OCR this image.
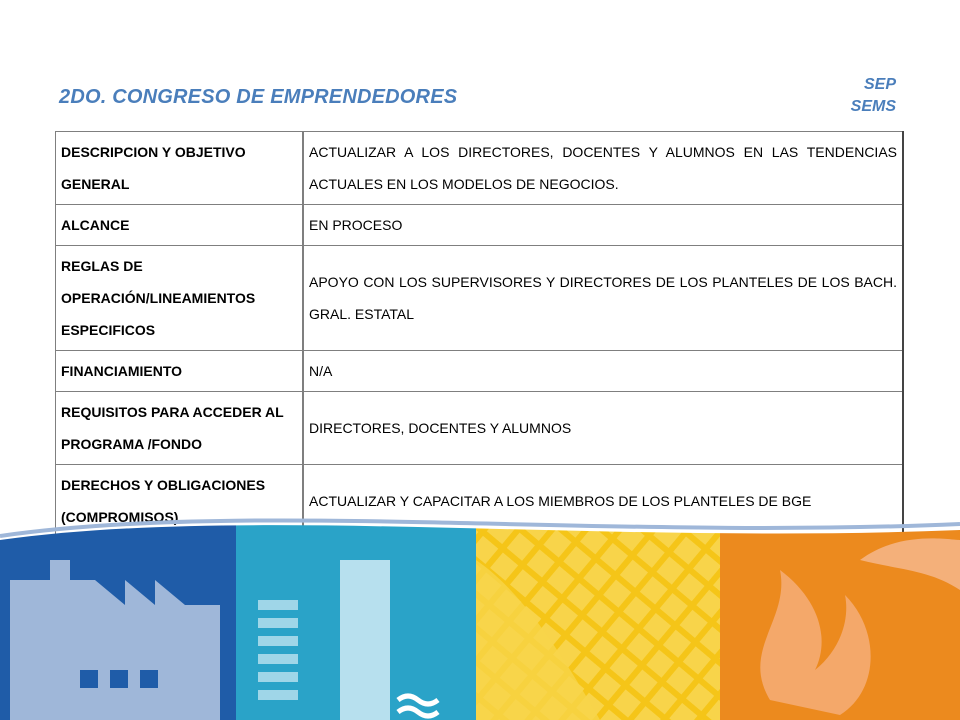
2DO. CONGRESO DE EMPRENDEDORES
SEP
SEMS
DESCRIPCION Y OBJETIVO GENERAL	ACTUALIZAR A LOS DIRECTORES, DOCENTES Y ALUMNOS EN LAS TENDENCIAS ACTUALES EN LOS MODELOS DE NEGOCIOS.
ALCANCE	EN PROCESO
REGLAS DE OPERACIÓN/LINEAMIENTOS ESPECIFICOS	APOYO CON LOS SUPERVISORES Y DIRECTORES DE LOS PLANTELES DE LOS BACH. GRAL. ESTATAL
FINANCIAMIENTO	N/A
REQUISITOS PARA ACCEDER AL PROGRAMA /FONDO	DIRECTORES, DOCENTES Y ALUMNOS
DERECHOS Y OBLIGACIONES (COMPROMISOS)	ACTUALIZAR Y CAPACITAR A LOS MIEMBROS DE LOS PLANTELES DE BGE
